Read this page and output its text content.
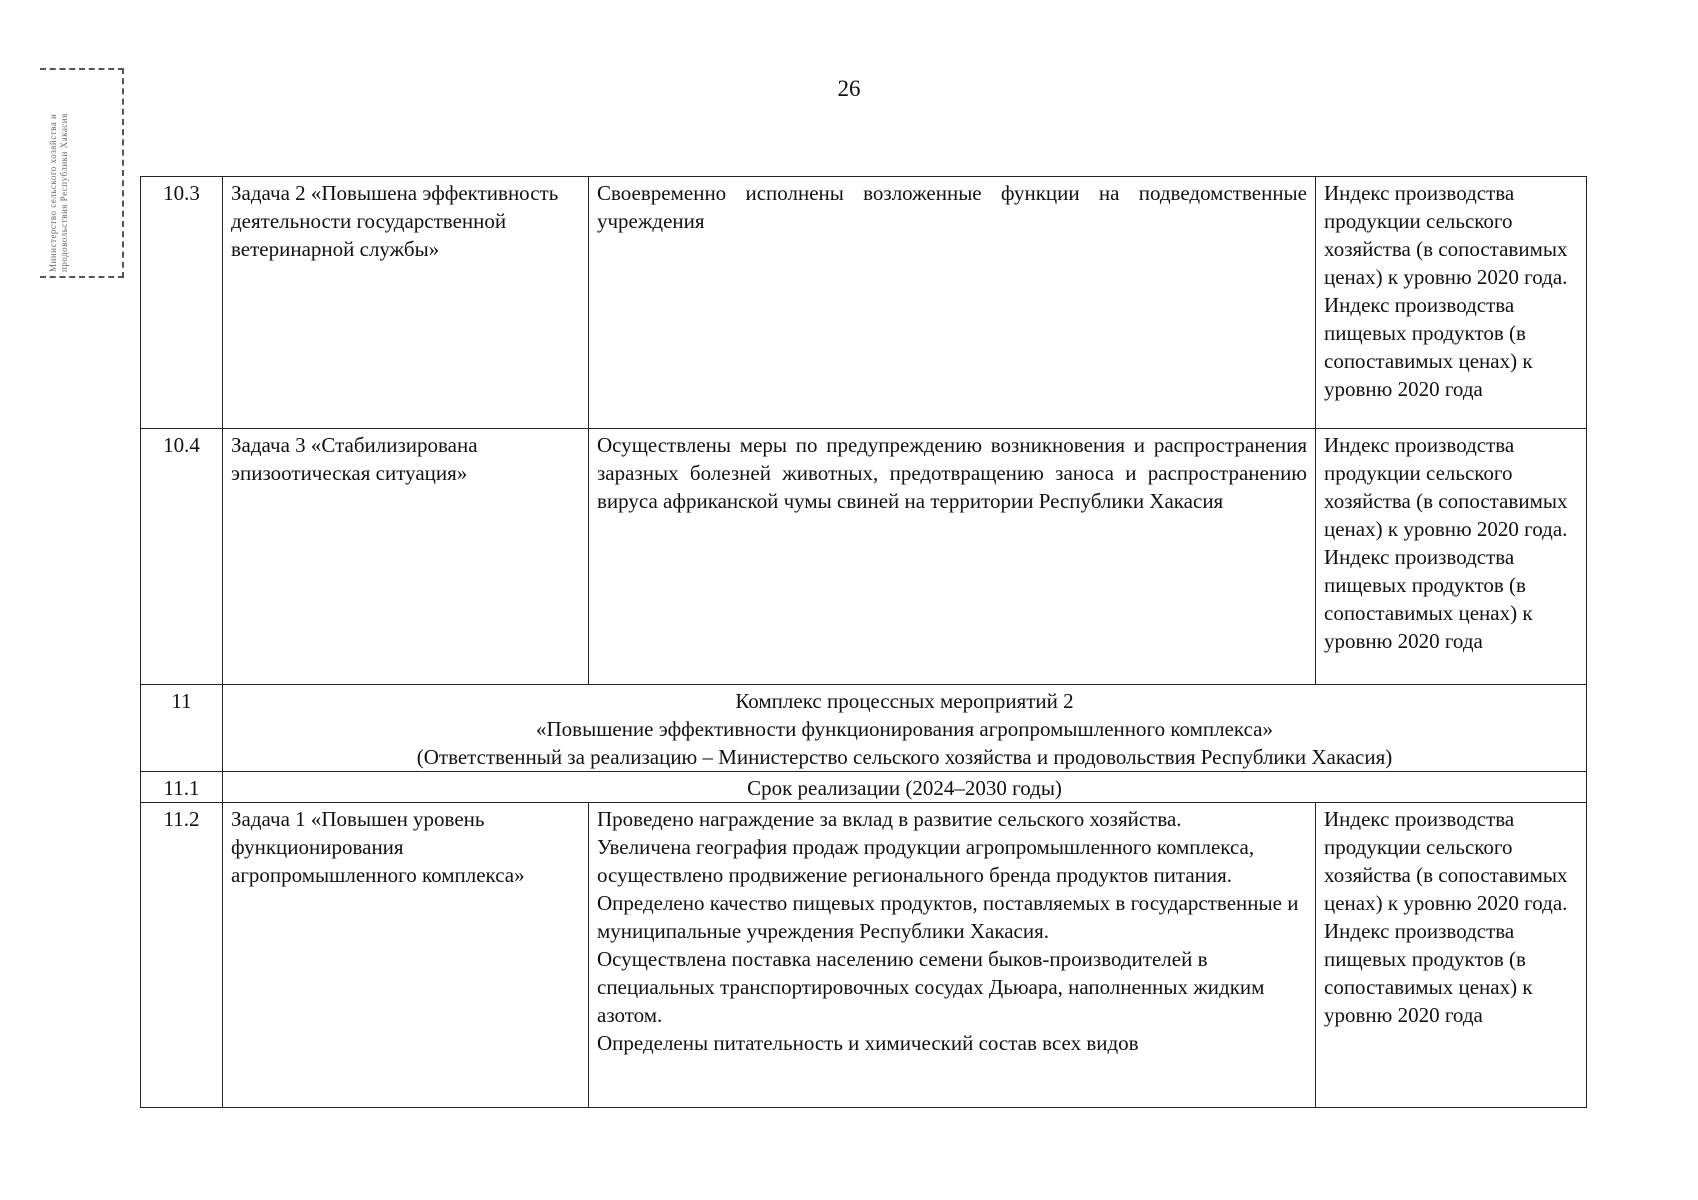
26
Министерство сельского хозяйства и продовольствия Республики Хакасия	10.3	Задача 2 «Повышена эффективность деятельности государственной ветеринарной службы»	Своевременно исполнены возложенные функции на подведомственные учреждения	Индекс производства продукции сельского хозяйства (в сопоставимых ценах) к уровню 2020 года.
Индекс производства пищевых продуктов (в сопоставимых ценах) к уровню 2020 года

10.4	Задача 3 «Стабилизирована эпизоотическая ситуация»	Осуществлены меры по предупреждению возникновения и распространения заразных болезней животных, предотвращению заноса и распространению вируса африканской чумы свиней на территории Республики Хакасия	Индекс производства продукции сельского хозяйства (в сопоставимых ценах) к уровню 2020 года.
Индекс производства пищевых продуктов (в сопоставимых ценах) к уровню 2020 года

11	Комплекс процессных мероприятий 2
«Повышение эффективности функционирования агропромышленного комплекса»
(Ответственный за реализацию – Министерство сельского хозяйства и продовольствия Республики Хакасия)		

11.1	Срок реализации (2024–2030 годы)		
11.2	Задача 1 «Повышен уровень функционирования агропромышленного комплекса»	Проведено награждение за вклад в развитие сельского хозяйства.
Увеличена география продаж продукции агропромышленного комплекса, осуществлено продвижение регионального бренда продуктов питания.
Определено качество пищевых продуктов, поставляемых в государственные и муниципальные учреждения Республики Хакасия.
Осуществлена поставка населению семени быков-производителей в специальных транспортировочных сосудах Дьюара, наполненных жидким азотом.
Определены питательность и химический состав всех видов	Индекс производства продукции сельского хозяйства (в сопоставимых ценах) к уровню 2020 года.
Индекс производства пищевых продуктов (в сопоставимых ценах) к уровню 2020 года
